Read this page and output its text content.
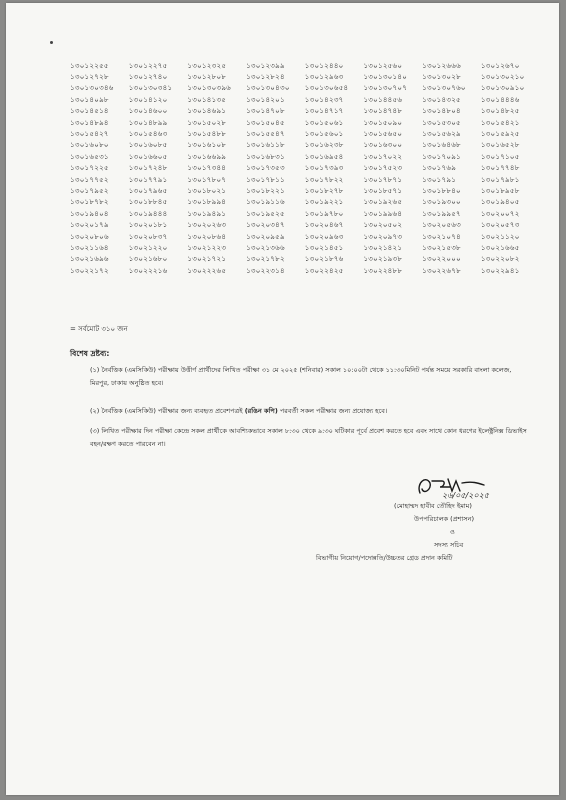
১৩০১২২৫৫	১৩০১২২৭৫	১৩০১২৩২৫	১৩০১২৩৯৯	১৩০১২৪৪০	১৩০১২৫৬০	১৩০১২৬৬৬	১৩০১২৬৭০
১৩০১২৭২৮	১৩০১২৭৪০	১৩০১২৮০৮	১৩০১২৮২৪	১৩০১২৯৬৩	১৩০১৩০১৪০	১৩০১৩০২৮	১৩০১৩০২১০
১৩০১৩০৩৪৬	১৩০১৩০৩৪১	১৩০১৩০৩৯৬	১৩০১৩০৪৩০	১৩০১৩০৬৫৪	১৩০১৩০৭০৭	১৩০১৩০৭৬০	১৩০১৩০৯১০
১৩০১৪০৯৮	১৩০১৪১২০	১৩০১৪১৩৫	১৩০১৪২০১	১৩০১৪২৩৭	১৩০১৪৪৫৬	১৩০১৪৩২৫	১৩০১৪৪৪৬
১৩০১৪৫১৪	১৩০১৪৬০০	১৩০১৪৬৯১	১৩০১৪৭০৮	১৩০১৪৭১৭	১৩০১৪৭৪৮	১৩০১৪৮০৪	১৩০১৪৮২৫
১৩০১৪৮৯৪	১৩০১৪৮৯৯	১৩০১৫০২৮	১৩০১৫০৪৫	১৩০১৫০৬১	১৩০১৫০৯০	১৩০১৫৩০৫	১৩০১৫৪২১
১৩০১৫৪২৭	১৩০১৫৪৬৩	১৩০১৫৪৮৮	১৩০১৫৫৪৭	১৩০১৫৬০১	১৩০১৫৬৫০	১৩০১৫৬২৯	১৩০১৫৯২৫
১৩০১৬০৮০	১৩০১৬০৮৫	১৩০১৬১০৮	১৩০১৬১১৮	১৩০১৬২৩৮	১৩০১৬৩০০	১৩০১৬৪৬৮	১৩০১৬৫২৮
১৩০১৬৫৩১	১৩০১৬৬০৫	১৩০১৬৬৯৯	১৩০১৬৮৩১	১৩০১৬৯৫৪	১৩০১৭০২২	১৩০১৭০৯১	১৩০১৭১০৫
১৩০১৭২২৫	১৩০১৭২৪৮	১৩০১৭৩৪৪	১৩০১৭৩৫৩	১৩০১৭৩৯৩	১৩০১৭৫২৩	১৩০১৭৬৯	১৩০১৭৭৪৮
১৩০১৭৭৫২	১৩০১৭৭৯১	১৩০১৭৮০৭	১৩০১৭৮১১	১৩০১৭৮২২	১৩০১৭৮৭১	১৩০১৭৯১	১৩০১৭৯৮১
১৩০১৭৯৫২	১৩০১৭৯৬৫	১৩০১৮০২১	১৩০১৮২২১	১৩০১৮২৭৮	১৩০১৮৫৭১	১৩০১৮৮৪০	১৩০১৮৯৫৮
১৩০১৮৭৮২	১৩০১৮৮৪৫	১৩০১৮৯৯৪	১৩০১৯১১৬	১৩০১৯২২১	১৩০১৯২৬৫	১৩০১৯৩০০	১৩০১৯৪০৫
১৩০১৯৪০৪	১৩০১৯৪৪৪	১৩০১৯৪৯১	১৩০১৯৫২৫	১৩০১৯৭৮০	১৩০১৯৯৬৪	১৩০১৯৯৫৭	১৩০২০০৭২
১৩০২০১৭৯	১৩০২০১৮১	১৩০২০২৬৩	১৩০২০৩৪৭	১৩০২০৪৬৭	১৩০২০৫০২	১৩০২০৫৬৩	১৩০২০৫৭৩
১৩০২০৮০৬	১৩০২০৮৩৭	১৩০২০৮৬৪	১৩০২০৯৫৯	১৩০২০৯৬৩	১৩০২০৯৭৩	১৩০২১০৭৪	১৩০২১১২০
১৩০২১১৬৪	১৩০২১২২০	১৩০২১২২৩	১৩০২১৩৬৬	১৩০২১৪৫১	১৩০২১৪২১	১৩০২১৫৩৮	১৩০২১৬৬৫
১৩০২১৬৯৬	১৩০২১৬৮০	১৩০২১৭২১	১৩০২১৭৮২	১৩০২১৮৭৬	১৩০২১৯৩৮	১৩০২২০০০	১৩০২২০৮২
১৩০২২১৭২	১৩০২২২১৬	১৩০২২২৬৫	১৩০২২৩১৪	১৩০২২৪২৫	১৩০২২৪৮৮	১৩০২২৬৭৮	১৩০২২৯৪১
= সর্বমোট ৩১০ জন
বিশেষ দ্রষ্টব্য:
(১) নৈর্বত্তিক (এমসিকিউ) পরীক্ষায় উত্তীর্ণ প্রার্থীদের লিখিত পরীক্ষা ৩১ মে ২০২৫ (শনিবার) সকাল ১০:০০টা থেকে ১১:৩০মিনিট পর্যন্ত সময়ে সরকারি বাংলা কলেজ, মিরপুর, ঢাকায় অনুষ্ঠিত হবে।
(২) নৈর্বত্তিক (এমসিকিউ) পরীক্ষার জন্য ব্যবহৃত প্রবেশপত্রই (রঙিন কপি) পরবর্তী সকল পরীক্ষার জন্য প্রযোজ্য হবে।
(৩) লিখিত পরীক্ষার দিন পরীক্ষা কেন্দ্রে সকল প্রার্থীকে আবশ্যিকভাবে সকাল ৮:৩০ থেকে ৯:৩০ ঘটিকার পূর্বে প্রবেশ করতে হবে এবং সাথে কোন ধরণের ইলেক্ট্রনিক্স ডিভাইস বহন/রক্ষণ করতে পারবেন না।
২৬/০৫/২০২৫
(মোহাম্মদ হাবীব তৌহিদ ইমাম)
উপপরিচালক (প্রশাসন)
ও
সদস্য সচিব
বিভাগীয় নিয়োগ/পদোন্নতি/উচ্চতর গ্রেড প্রদান কমিটি
